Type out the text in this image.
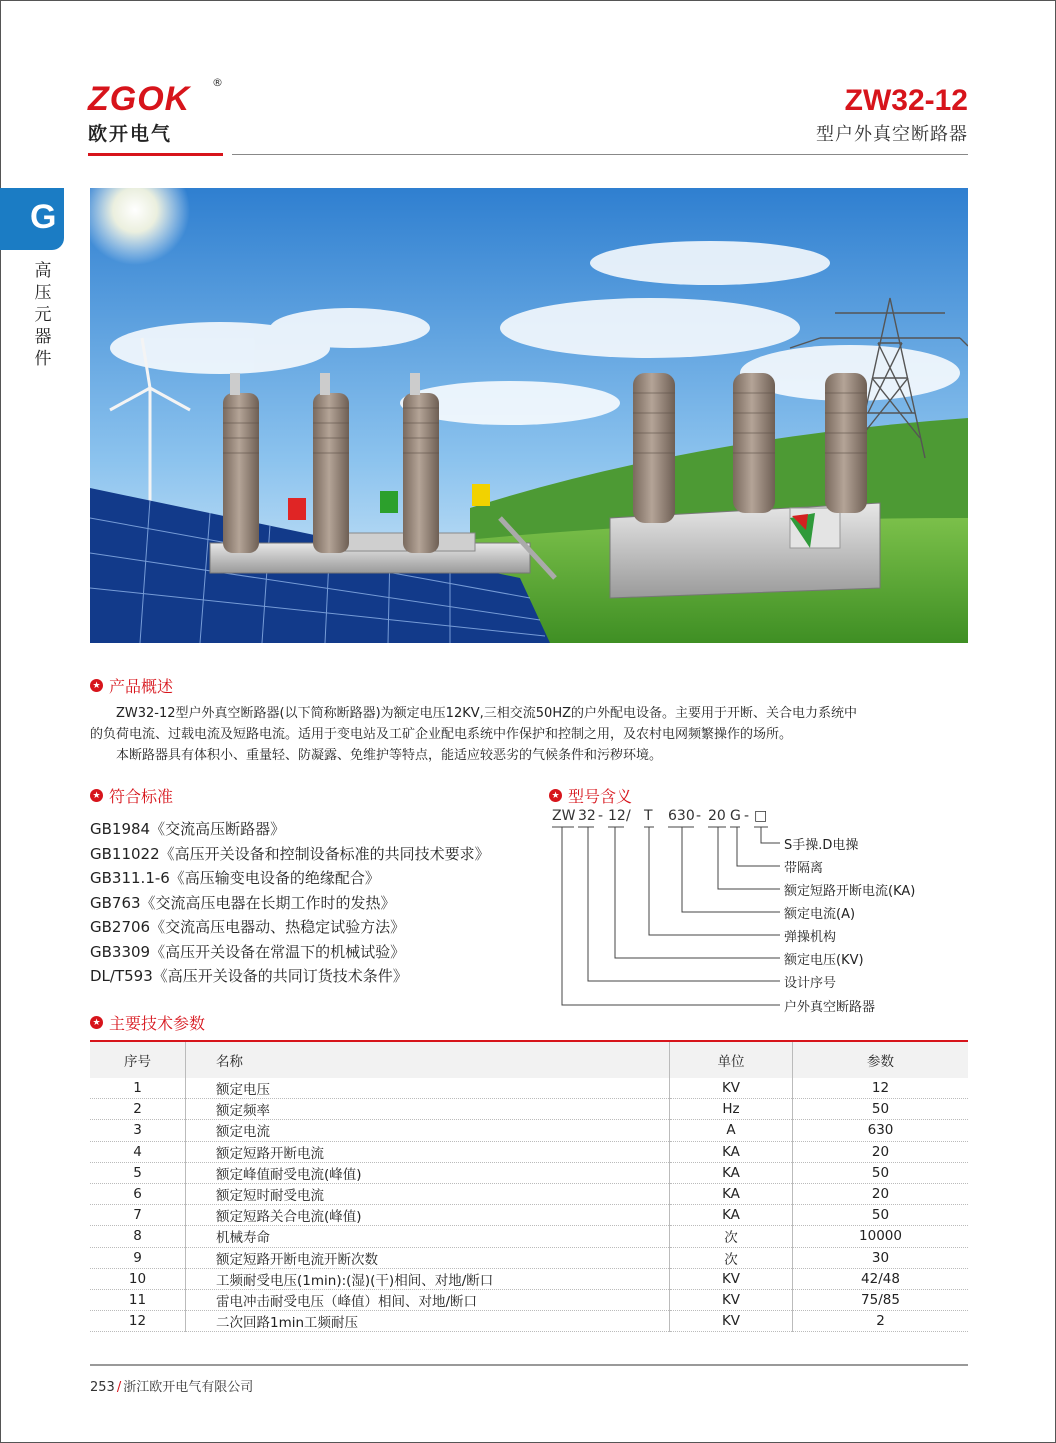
ZGOK	®
欧开电气
ZW32-12
型户外真空断路器
G
高
压
元
器
件
★ 产品概述
ZW32-12型户外真空断路器(以下简称断路器)为额定电压12KV,三相交流50HZ的户外配电设备。主要用于开断、关合电力系统中
的负荷电流、过载电流及短路电流。适用于变电站及工矿企业配电系统中作保护和控制之用，及农村电网频繁操作的场所。
本断路器具有体积小、重量轻、防凝露、免维护等特点，能适应较恶劣的气候条件和污秽环境。
★ 符合标准
GB1984《交流高压断路器》
GB11022《高压开关设备和控制设备标准的共同技术要求》
GB311.1-6《高压输变电设备的绝缘配合》
GB763《交流高压电器在长期工作时的发热》
GB2706《交流高压电器动、热稳定试验方法》
GB3309《高压开关设备在常温下的机械试验》
DL/T593《高压开关设备的共同订货技术条件》
★ 型号含义
ZW 32 - 12 / T 630 - 20 G - □
S手操.D电操
带隔离
额定短路开断电流(KA)
额定电流(A)
弹操机构
额定电压(KV)
设计序号
户外真空断路器
★ 主要技术参数
序号	名称	单位	参数
1	额定电压	KV	12
2	额定频率	Hz	50
3	额定电流	A	630
4	额定短路开断电流	KA	20
5	额定峰值耐受电流(峰值)	KA	50
6	额定短时耐受电流	KA	20
7	额定短路关合电流(峰值)	KA	50
8	机械寿命	次	10000
9	额定短路开断电流开断次数	次	30
10	工频耐受电压(1min):(湿)(干)相间、对地/断口	KV	42/48
11	雷电冲击耐受电压（峰值）相间、对地/断口	KV	75/85
12	二次回路1min工频耐压	KV	2
253 / 浙江欧开电气有限公司
